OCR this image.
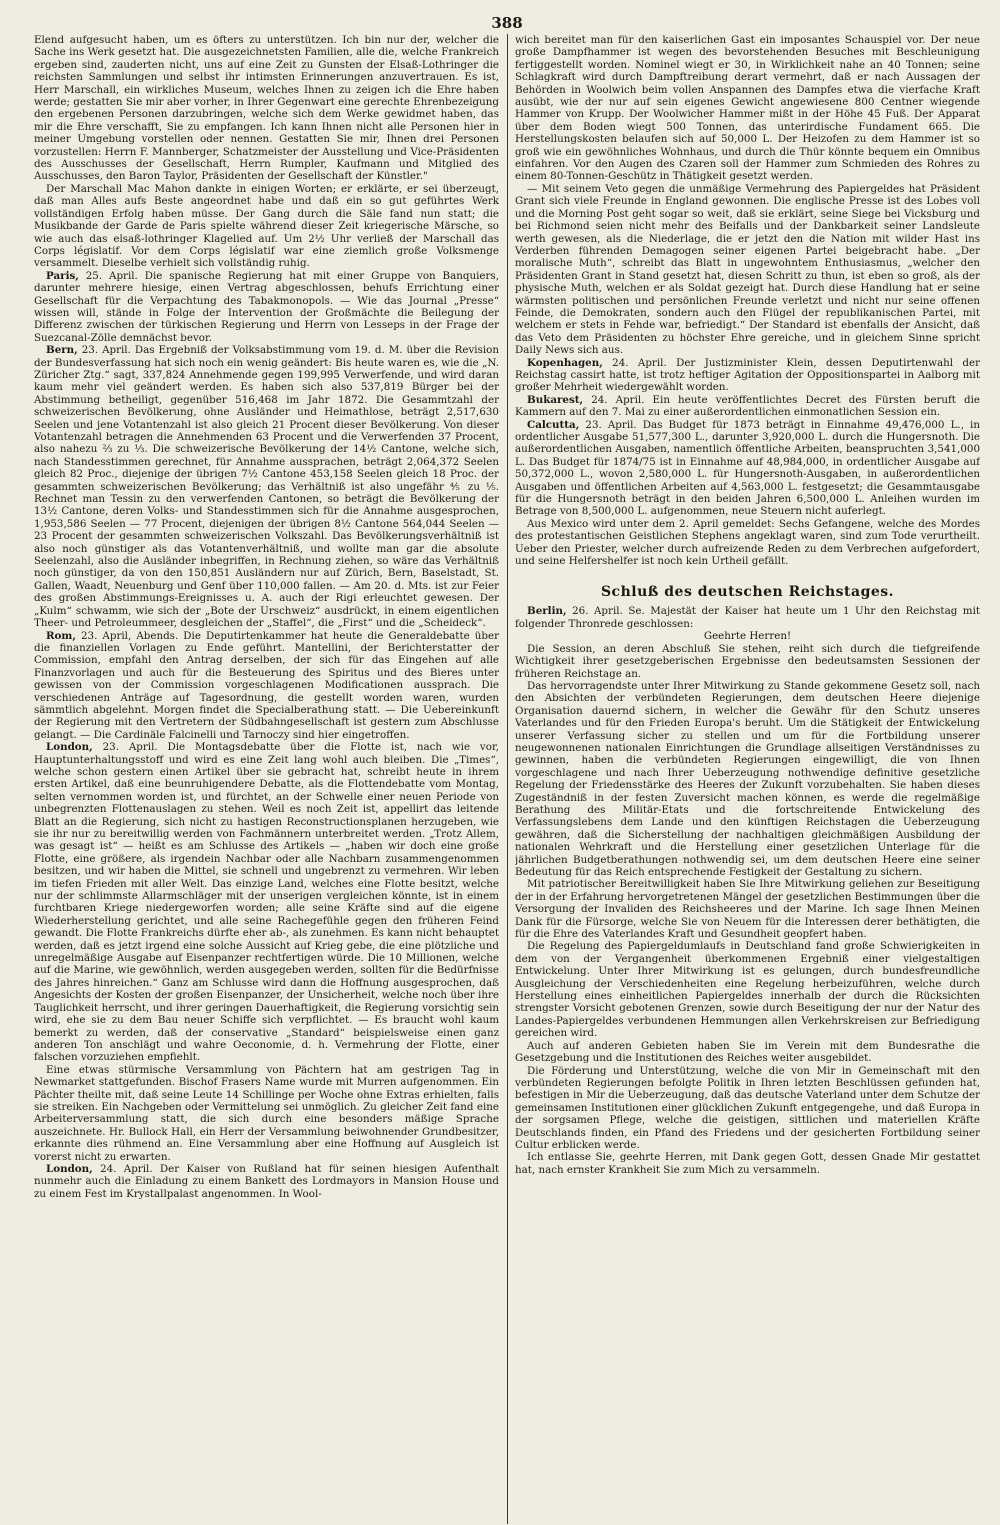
388

Elend aufgesucht haben, um es öfters zu unterstützen. Ich bin nur der, welcher die Sache ins Werk gesetzt hat. Die ausgezeichnetsten Familien, alle die, welche Frankreich ergeben sind, zauderten nicht, uns auf eine Zeit zu Gunsten der Elsaß-Lothringer die reichsten Sammlungen und selbst ihr intimsten Erinnerungen anzuvertrauen. Es ist, Herr Marschall, ein wirkliches Museum, welches Ihnen zu zeigen ich die Ehre haben werde; gestatten Sie mir aber vorher, in Ihrer Gegenwart eine gerechte Ehrenbezeigung den ergebenen Personen darzubringen, welche sich dem Werke gewidmet haben, das mir die Ehre verschafft, Sie zu empfangen. Ich kann Ihnen nicht alle Personen hier in meiner Umgebung vorstellen oder nennen. Gestatten Sie mir, Ihnen drei Personen vorzustellen: Herrn F. Mannberger, Schatzmeister der Ausstellung und Vice-Präsidenten des Ausschusses der Gesellschaft, Herrn Rumpler, Kaufmann und Mitglied des Ausschusses, den Baron Taylor, Präsidenten der Gesellschaft der Künstler."

Der Marschall Mac Mahon dankte in einigen Worten; er erklärte, er sei überzeugt, daß man Alles aufs Beste angeordnet habe und daß ein so gut geführtes Werk vollständigen Erfolg haben müsse. Der Gang durch die Säle fand nun statt; die Musikbande der Garde de Paris spielte während dieser Zeit kriegerische Märsche, so wie auch das elsaß-lothringer Klagelied auf. Um 2½ Uhr verließ der Marschall das Corps législatif. Vor dem Corps législatif war eine ziemlich große Volksmenge versammelt. Dieselbe verhielt sich vollständig ruhig.

Paris, 25. April. Die spanische Regierung hat mit einer Gruppe von Banquiers, darunter mehrere hiesige, einen Vertrag abgeschlossen, behufs Errichtung einer Gesellschaft für die Verpachtung des Tabakmonopols. — Wie das Journal „Presse“ wissen will, stände in Folge der Intervention der Großmächte die Beilegung der Differenz zwischen der türkischen Regierung und Herrn von Lesseps in der Frage der Suezcanal-Zölle demnächst bevor.

Bern, 23. April. Das Ergebniß der Volksabstimmung vom 19. d. M. über die Revision der Bundesverfassung hat sich noch ein wenig geändert: Bis heute waren es, wie die „N. Züricher Ztg.“ sagt, 337,824 Annehmende gegen 199,995 Verwerfende, und wird daran kaum mehr viel geändert werden. Es haben sich also 537,819 Bürger bei der Abstimmung betheiligt, gegenüber 516,468 im Jahr 1872. Die Gesammtzahl der schweizerischen Bevölkerung, ohne Ausländer und Heimathlose, beträgt 2,517,630 Seelen und jene Votantenzahl ist also gleich 21 Procent dieser Bevölkerung. Von dieser Votantenzahl betragen die Annehmenden 63 Procent und die Verwerfenden 37 Procent, also nahezu ⅔ zu ⅓. Die schweizerische Bevölkerung der 14½ Cantone, welche sich, nach Standesstimmen gerechnet, für Annahme aussprachen, beträgt 2,064,372 Seelen gleich 82 Proc., diejenige der übrigen 7½ Cantone 453,158 Seelen gleich 18 Proc. der gesammten schweizerischen Bevölkerung; das Verhältniß ist also ungefähr ⅘ zu ⅕. Rechnet man Tessin zu den verwerfenden Cantonen, so beträgt die Bevölkerung der 13½ Cantone, deren Volks- und Standesstimmen sich für die Annahme ausgesprochen, 1,953,586 Seelen — 77 Procent, diejenigen der übrigen 8½ Cantone 564,044 Seelen — 23 Procent der gesammten schweizerischen Volkszahl. Das Bevölkerungsverhältniß ist also noch günstiger als das Votantenverhältniß, und wollte man gar die absolute Seelenzahl, also die Ausländer inbegriffen, in Rechnung ziehen, so wäre das Verhältniß noch günstiger, da von den 150,851 Ausländern nur auf Zürich, Bern, Baselstadt, St. Gallen, Waadt, Neuenburg und Genf über 110,000 fallen. — Am 20. d. Mts. ist zur Feier des großen Abstimmungs-Ereignisses u. A. auch der Rigi erleuchtet gewesen. Der „Kulm“ schwamm, wie sich der „Bote der Urschweiz“ ausdrückt, in einem eigentlichen Theer- und Petroleummeer, desgleichen der „Staffel“, die „First“ und die „Scheideck“.

Rom, 23. April, Abends. Die Deputirtenkammer hat heute die Generaldebatte über die finanziellen Vorlagen zu Ende geführt. Mantellini, der Berichterstatter der Commission, empfahl den Antrag derselben, der sich für das Eingehen auf alle Finanzvorlagen und auch für die Besteuerung des Spiritus und des Bieres unter gewissen von der Commission vorgeschlagenen Modificationen aussprach. Die verschiedenen Anträge auf Tagesordnung, die gestellt worden waren, wurden sämmtlich abgelehnt. Morgen findet die Specialberathung statt. — Die Uebereinkunft der Regierung mit den Vertretern der Südbahngesellschaft ist gestern zum Abschlusse gelangt. — Die Cardinäle Falcinelli und Tarnoczy sind hier eingetroffen.

London, 23. April. Die Montagsdebatte über die Flotte ist, nach wie vor, Hauptunterhaltungsstoff und wird es eine Zeit lang wohl auch bleiben. Die „Times“, welche schon gestern einen Artikel über sie gebracht hat, schreibt heute in ihrem ersten Artikel, daß eine beunruhigendere Debatte, als die Flottendebatte vom Montag, selten vernommen worden ist, und fürchtet, an der Schwelle einer neuen Periode von unbegrenzten Flottenauslagen zu stehen. Weil es noch Zeit ist, appellirt das leitende Blatt an die Regierung, sich nicht zu hastigen Reconstructionsplanen herzugeben, wie sie ihr nur zu bereitwillig werden von Fachmännern unterbreitet werden. „Trotz Allem, was gesagt ist“ — heißt es am Schlusse des Artikels — „haben wir doch eine große Flotte, eine größere, als irgendein Nachbar oder alle Nachbarn zusammengenommen besitzen, und wir haben die Mittel, sie schnell und ungebrenzt zu vermehren. Wir leben im tiefen Frieden mit aller Welt. Das einzige Land, welches eine Flotte besitzt, welche nur der schlimmste Allarmschläger mit der unserigen vergleichen könnte, ist in einem furchtbaren Kriege niedergeworfen worden; alle seine Kräfte sind auf die eigene Wiederherstellung gerichtet, und alle seine Rachegefühle gegen den früheren Feind gewandt. Die Flotte Frankreichs dürfte eher ab-, als zunehmen. Es kann nicht behauptet werden, daß es jetzt irgend eine solche Aussicht auf Krieg gebe, die eine plötzliche und unregelmäßige Ausgabe auf Eisenpanzer rechtfertigen würde. Die 10 Millionen, welche auf die Marine, wie gewöhnlich, werden ausgegeben werden, sollten für die Bedürfnisse des Jahres hinreichen.“ Ganz am Schlusse wird dann die Hoffnung ausgesprochen, daß Angesichts der Kosten der großen Eisenpanzer, der Unsicherheit, welche noch über ihre Tauglichkeit herrscht, und ihrer geringen Dauerhaftigkeit, die Regierung vorsichtig sein wird, ehe sie zu dem Bau neuer Schiffe sich verpflichtet. — Es braucht wohl kaum bemerkt zu werden, daß der conservative „Standard“ beispielsweise einen ganz anderen Ton anschlägt und wahre Oeconomie, d. h. Vermehrung der Flotte, einer falschen vorzuziehen empfiehlt.

Eine etwas stürmische Versammlung von Pächtern hat am gestrigen Tag in Newmarket stattgefunden. Bischof Frasers Name wurde mit Murren aufgenommen. Ein Pächter theilte mit, daß seine Leute 14 Schillinge per Woche ohne Extras erhielten, falls sie streiken. Ein Nachgeben oder Vermittelung sei unmöglich. Zu gleicher Zeit fand eine Arbeiterversammlung statt, die sich durch eine besonders mäßige Sprache auszeichnete. Hr. Bullock Hall, ein Herr der Versammlung beiwohnender Grundbesitzer, erkannte dies rühmend an. Eine Versammlung aber eine Hoffnung auf Ausgleich ist vorerst nicht zu erwarten.

London, 24. April. Der Kaiser von Rußland hat für seinen hiesigen Aufenthalt nunmehr auch die Einladung zu einem Bankett des Lordmayors in Mansion House und zu einem Fest im Krystallpalast angenommen. In Wool-

wich bereitet man für den kaiserlichen Gast ein imposantes Schauspiel vor. Der neue große Dampfhammer ist wegen des bevorstehenden Besuches mit Beschleunigung fertiggestellt worden. Nominel wiegt er 30, in Wirklichkeit nahe an 40 Tonnen; seine Schlagkraft wird durch Dampftreibung derart vermehrt, daß er nach Aussagen der Behörden in Woolwich beim vollen Anspannen des Dampfes etwa die vierfache Kraft ausübt, wie der nur auf sein eigenes Gewicht angewiesene 800 Centner wiegende Hammer von Krupp. Der Woolwicher Hammer mißt in der Höhe 45 Fuß. Der Apparat über dem Boden wiegt 500 Tonnen, das unterirdische Fundament 665. Die Herstellungskosten belaufen sich auf 50,000 L. Der Heizofen zu dem Hammer ist so groß wie ein gewöhnliches Wohnhaus, und durch die Thür könnte bequem ein Omnibus einfahren. Vor den Augen des Czaren soll der Hammer zum Schmieden des Rohres zu einem 80-Tonnen-Geschütz in Thätigkeit gesetzt werden.

— Mit seinem Veto gegen die unmäßige Vermehrung des Papiergeldes hat Präsident Grant sich viele Freunde in England gewonnen. Die englische Presse ist des Lobes voll und die Morning Post geht sogar so weit, daß sie erklärt, seine Siege bei Vicksburg und bei Richmond seien nicht mehr des Beifalls und der Dankbarkeit seiner Landsleute werth gewesen, als die Niederlage, die er jetzt den die Nation mit wilder Hast ins Verderben führenden Demagogen seiner eigenen Partei beigebracht habe. „Der moralische Muth“, schreibt das Blatt in ungewohntem Enthusiasmus, „welcher den Präsidenten Grant in Stand gesetzt hat, diesen Schritt zu thun, ist eben so groß, als der physische Muth, welchen er als Soldat gezeigt hat. Durch diese Handlung hat er seine wärmsten politischen und persönlichen Freunde verletzt und nicht nur seine offenen Feinde, die Demokraten, sondern auch den Flügel der republikanischen Partei, mit welchem er stets in Fehde war, befriedigt.“ Der Standard ist ebenfalls der Ansicht, daß das Veto dem Präsidenten zu höchster Ehre gereiche, und in gleichem Sinne spricht Daily News sich aus.

Kopenhagen, 24. April. Der Justizminister Klein, dessen Deputirtenwahl der Reichstag cassirt hatte, ist trotz heftiger Agitation der Oppositionspartei in Aalborg mit großer Mehrheit wiedergewählt worden.

Bukarest, 24. April. Ein heute veröffentlichtes Decret des Fürsten beruft die Kammern auf den 7. Mai zu einer außerordentlichen einmonatlichen Session ein.

Calcutta, 23. April. Das Budget für 1873 beträgt in Einnahme 49,476,000 L., in ordentlicher Ausgabe 51,577,300 L., darunter 3,920,000 L. durch die Hungersnoth. Die außerordentlichen Ausgaben, namentlich öffentliche Arbeiten, beanspruchten 3,541,000 L. Das Budget für 1874/75 ist in Einnahme auf 48,984,000, in ordentlicher Ausgabe auf 50,372,000 L., wovon 2,580,000 L. für Hungersnoth-Ausgaben, in außerordentlichen Ausgaben und öffentlichen Arbeiten auf 4,563,000 L. festgesetzt; die Gesammtausgabe für die Hungersnoth beträgt in den beiden Jahren 6,500,000 L. Anleihen wurden im Betrage von 8,500,000 L. aufgenommen, neue Steuern nicht auferlegt.

Aus Mexico wird unter dem 2. April gemeldet: Sechs Gefangene, welche des Mordes des protestantischen Geistlichen Stephens angeklagt waren, sind zum Tode verurtheilt. Ueber den Priester, welcher durch aufreizende Reden zu dem Verbrechen aufgefordert, und seine Helfershelfer ist noch kein Urtheil gefällt.

Schluß des deutschen Reichstages.

Berlin, 26. April. Se. Majestät der Kaiser hat heute um 1 Uhr den Reichstag mit folgender Thronrede geschlossen:

Geehrte Herren!

Die Session, an deren Abschluß Sie stehen, reiht sich durch die tiefgreifende Wichtigkeit ihrer gesetzgeberischen Ergebnisse den bedeutsamsten Sessionen der früheren Reichstage an.

Das hervorragendste unter Ihrer Mitwirkung zu Stande gekommene Gesetz soll, nach den Absichten der verbündeten Regierungen, dem deutschen Heere diejenige Organisation dauernd sichern, in welcher die Gewähr für den Schutz unseres Vaterlandes und für den Frieden Europa's beruht. Um die Stätigkeit der Entwickelung unserer Verfassung sicher zu stellen und um für die Fortbildung unserer neugewonnenen nationalen Einrichtungen die Grundlage allseitigen Verständnisses zu gewinnen, haben die verbündeten Regierungen eingewilligt, die von Ihnen vorgeschlagene und nach Ihrer Ueberzeugung nothwendige definitive gesetzliche Regelung der Friedensstärke des Heeres der Zukunft vorzubehalten. Sie haben dieses Zugeständniß in der festen Zuversicht machen können, es werde die regelmäßige Berathung des Militär-Etats und die fortschreitende Entwickelung des Verfassungslebens dem Lande und den künftigen Reichstagen die Ueberzeugung gewähren, daß die Sicherstellung der nachhaltigen gleichmäßigen Ausbildung der nationalen Wehrkraft und die Herstellung einer gesetzlichen Unterlage für die jährlichen Budgetberathungen nothwendig sei, um dem deutschen Heere eine seiner Bedeutung für das Reich entsprechende Festigkeit der Gestaltung zu sichern.

Mit patriotischer Bereitwilligkeit haben Sie Ihre Mitwirkung geliehen zur Beseitigung der in der Erfahrung hervorgetretenen Mängel der gesetzlichen Bestimmungen über die Versorgung der Invaliden des Reichsheeres und der Marine. Ich sage Ihnen Meinen Dank für die Fürsorge, welche Sie von Neuem für die Interessen derer bethätigten, die für die Ehre des Vaterlandes Kraft und Gesundheit geopfert haben.

Die Regelung des Papiergeldumlaufs in Deutschland fand große Schwierigkeiten in dem von der Vergangenheit überkommenen Ergebniß einer vielgestaltigen Entwickelung. Unter Ihrer Mitwirkung ist es gelungen, durch bundesfreundliche Ausgleichung der Verschiedenheiten eine Regelung herbeizuführen, welche durch Herstellung eines einheitlichen Papiergeldes innerhalb der durch die Rücksichten strengster Vorsicht gebotenen Grenzen, sowie durch Beseitigung der nur der Natur des Landes-Papiergeldes verbundenen Hemmungen allen Verkehrskreisen zur Befriedigung gereichen wird.

Auch auf anderen Gebieten haben Sie im Verein mit dem Bundesrathe die Gesetzgebung und die Institutionen des Reiches weiter ausgebildet.

Die Förderung und Unterstützung, welche die von Mir in Gemeinschaft mit den verbündeten Regierungen befolgte Politik in Ihren letzten Beschlüssen gefunden hat, befestigen in Mir die Ueberzeugung, daß das deutsche Vaterland unter dem Schutze der gemeinsamen Institutionen einer glücklichen Zukunft entgegengehe, und daß Europa in der sorgsamen Pflege, welche die geistigen, sittlichen und materiellen Kräfte Deutschlands finden, ein Pfand des Friedens und der gesicherten Fortbildung seiner Cultur erblicken werde.

Ich entlasse Sie, geehrte Herren, mit Dank gegen Gott, dessen Gnade Mir gestattet hat, nach ernster Krankheit Sie zum Mich zu versammeln.
